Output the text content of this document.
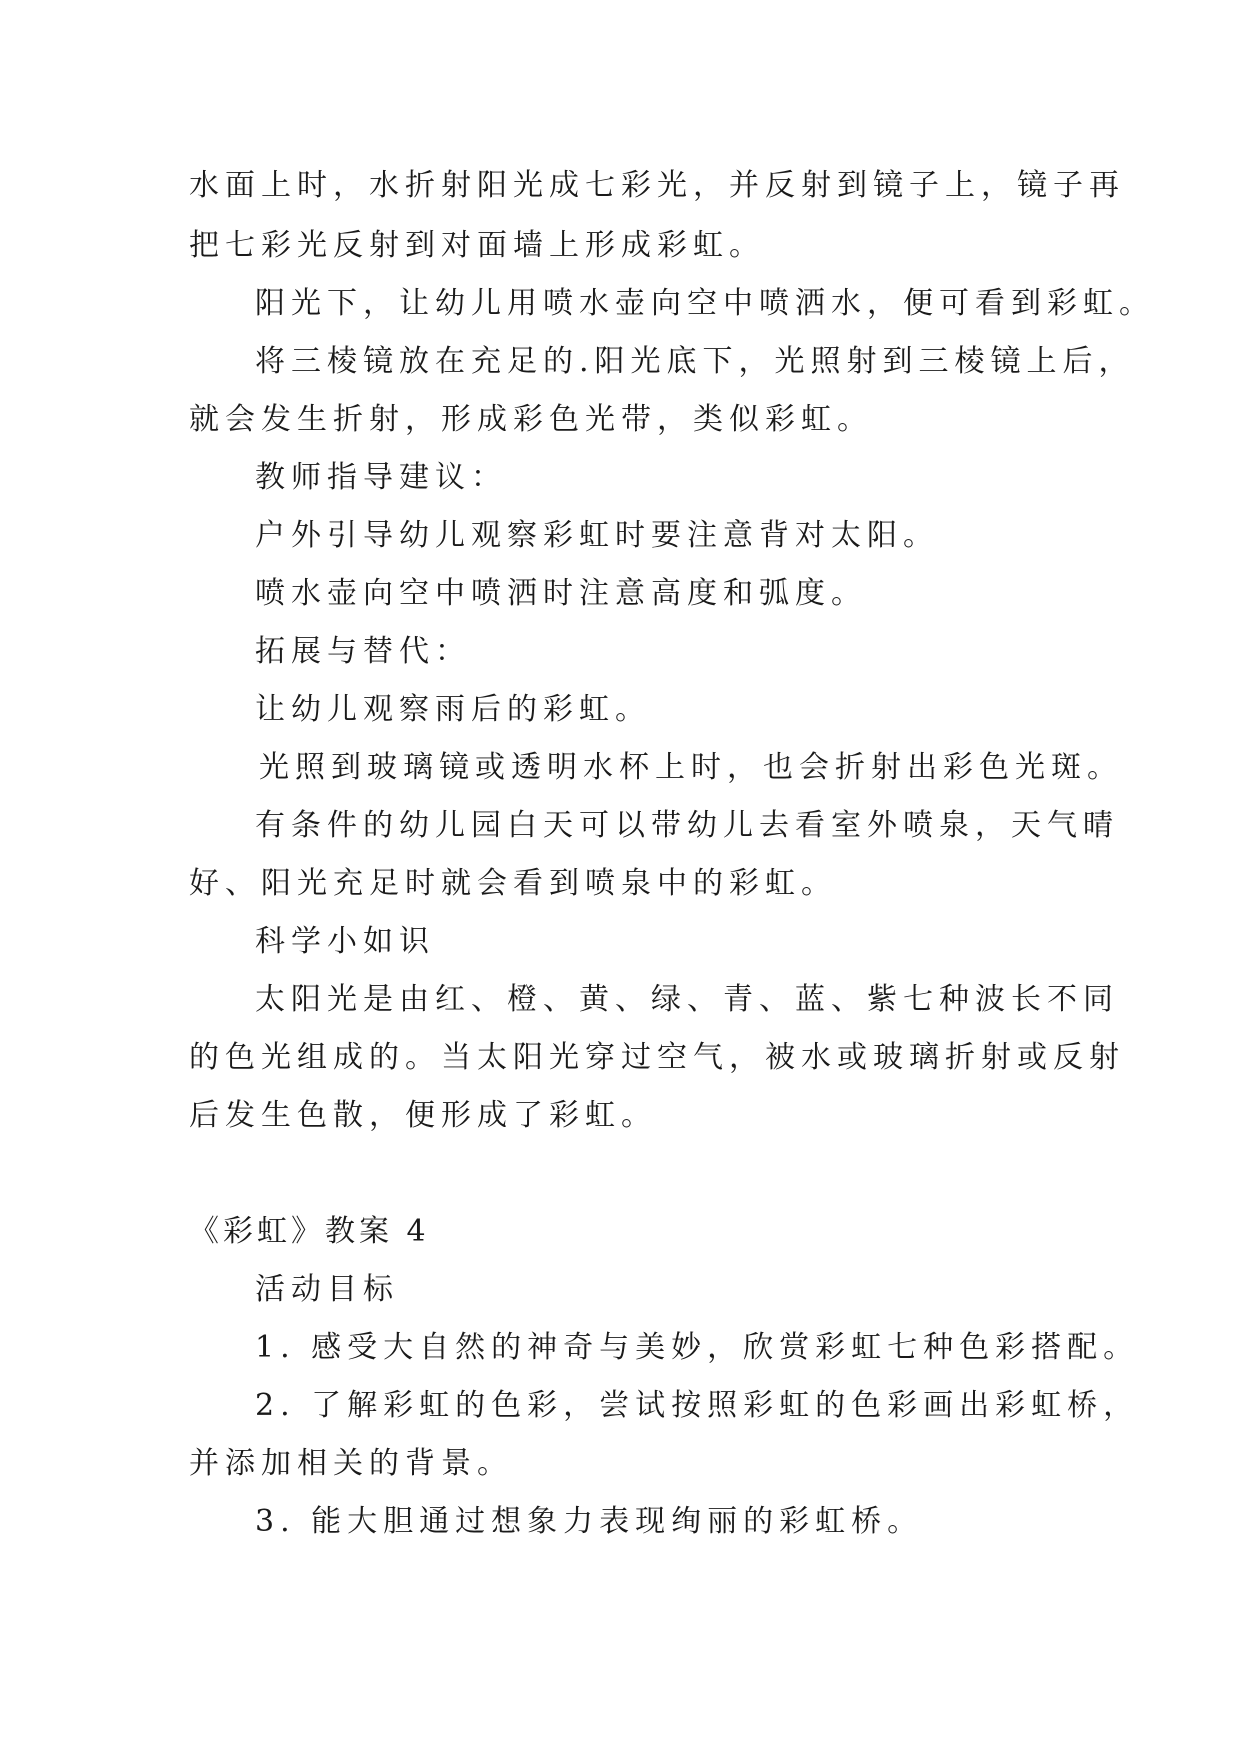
水面上时，水折射阳光成七彩光，并反射到镜子上，镜子再

把七彩光反射到对面墙上形成彩虹。

阳光下，让幼儿用喷水壶向空中喷洒水，便可看到彩虹。

将三棱镜放在充足的.阳光底下，光照射到三棱镜上后，

就会发生折射，形成彩色光带，类似彩虹。

教师指导建议：

户外引导幼儿观察彩虹时要注意背对太阳。

喷水壶向空中喷洒时注意高度和弧度。

拓展与替代：

让幼儿观察雨后的彩虹。

光照到玻璃镜或透明水杯上时，也会折射出彩色光斑。

有条件的幼儿园白天可以带幼儿去看室外喷泉，天气晴

好、阳光充足时就会看到喷泉中的彩虹。

科学小如识

太阳光是由红、橙、黄、绿、青、蓝、紫七种波长不同

的色光组成的。当太阳光穿过空气，被水或玻璃折射或反射

后发生色散，便形成了彩虹。

《彩虹》教案 4

活动目标

1. 感受大自然的神奇与美妙，欣赏彩虹七种色彩搭配。

2. 了解彩虹的色彩，尝试按照彩虹的色彩画出彩虹桥，

并添加相关的背景。

3. 能大胆通过想象力表现绚丽的彩虹桥。
